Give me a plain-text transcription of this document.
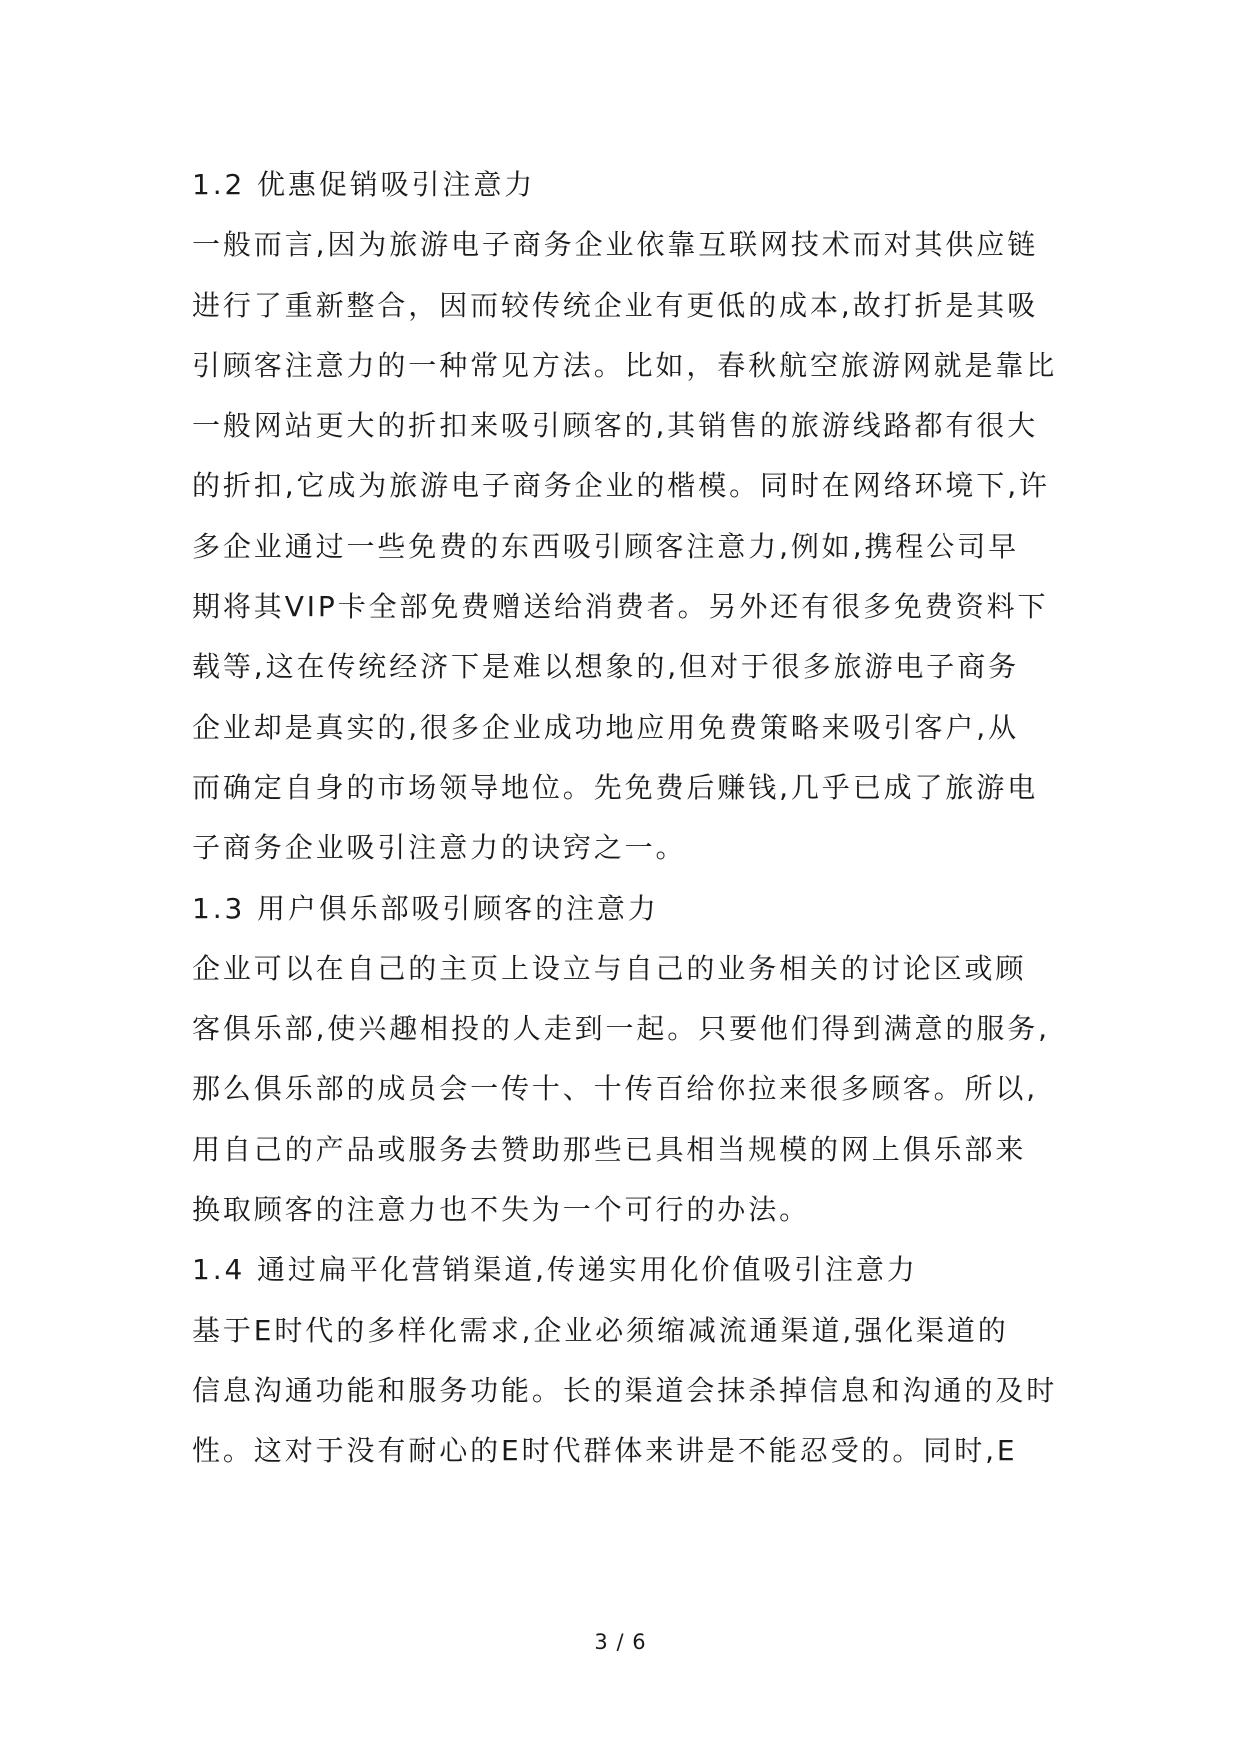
1.2 优惠促销吸引注意力
一般而言,因为旅游电子商务企业依靠互联网技术而对其供应链
进行了重新整合，因而较传统企业有更低的成本,故打折是其吸
引顾客注意力的一种常见方法。比如，春秋航空旅游网就是靠比
一般网站更大的折扣来吸引顾客的,其销售的旅游线路都有很大
的折扣,它成为旅游电子商务企业的楷模。同时在网络环境下,许
多企业通过一些免费的东西吸引顾客注意力,例如,携程公司早
期将其VIP卡全部免费赠送给消费者。另外还有很多免费资料下
载等,这在传统经济下是难以想象的,但对于很多旅游电子商务
企业却是真实的,很多企业成功地应用免费策略来吸引客户,从
而确定自身的市场领导地位。先免费后赚钱,几乎已成了旅游电
子商务企业吸引注意力的诀窍之一。
1.3 用户俱乐部吸引顾客的注意力
企业可以在自己的主页上设立与自己的业务相关的讨论区或顾
客俱乐部,使兴趣相投的人走到一起。只要他们得到满意的服务,
那么俱乐部的成员会一传十、十传百给你拉来很多顾客。所以,
用自己的产品或服务去赞助那些已具相当规模的网上俱乐部来
换取顾客的注意力也不失为一个可行的办法。
1.4 通过扁平化营销渠道,传递实用化价值吸引注意力
基于E时代的多样化需求,企业必须缩减流通渠道,强化渠道的
信息沟通功能和服务功能。长的渠道会抹杀掉信息和沟通的及时
性。这对于没有耐心的E时代群体来讲是不能忍受的。同时,E
3 / 6
